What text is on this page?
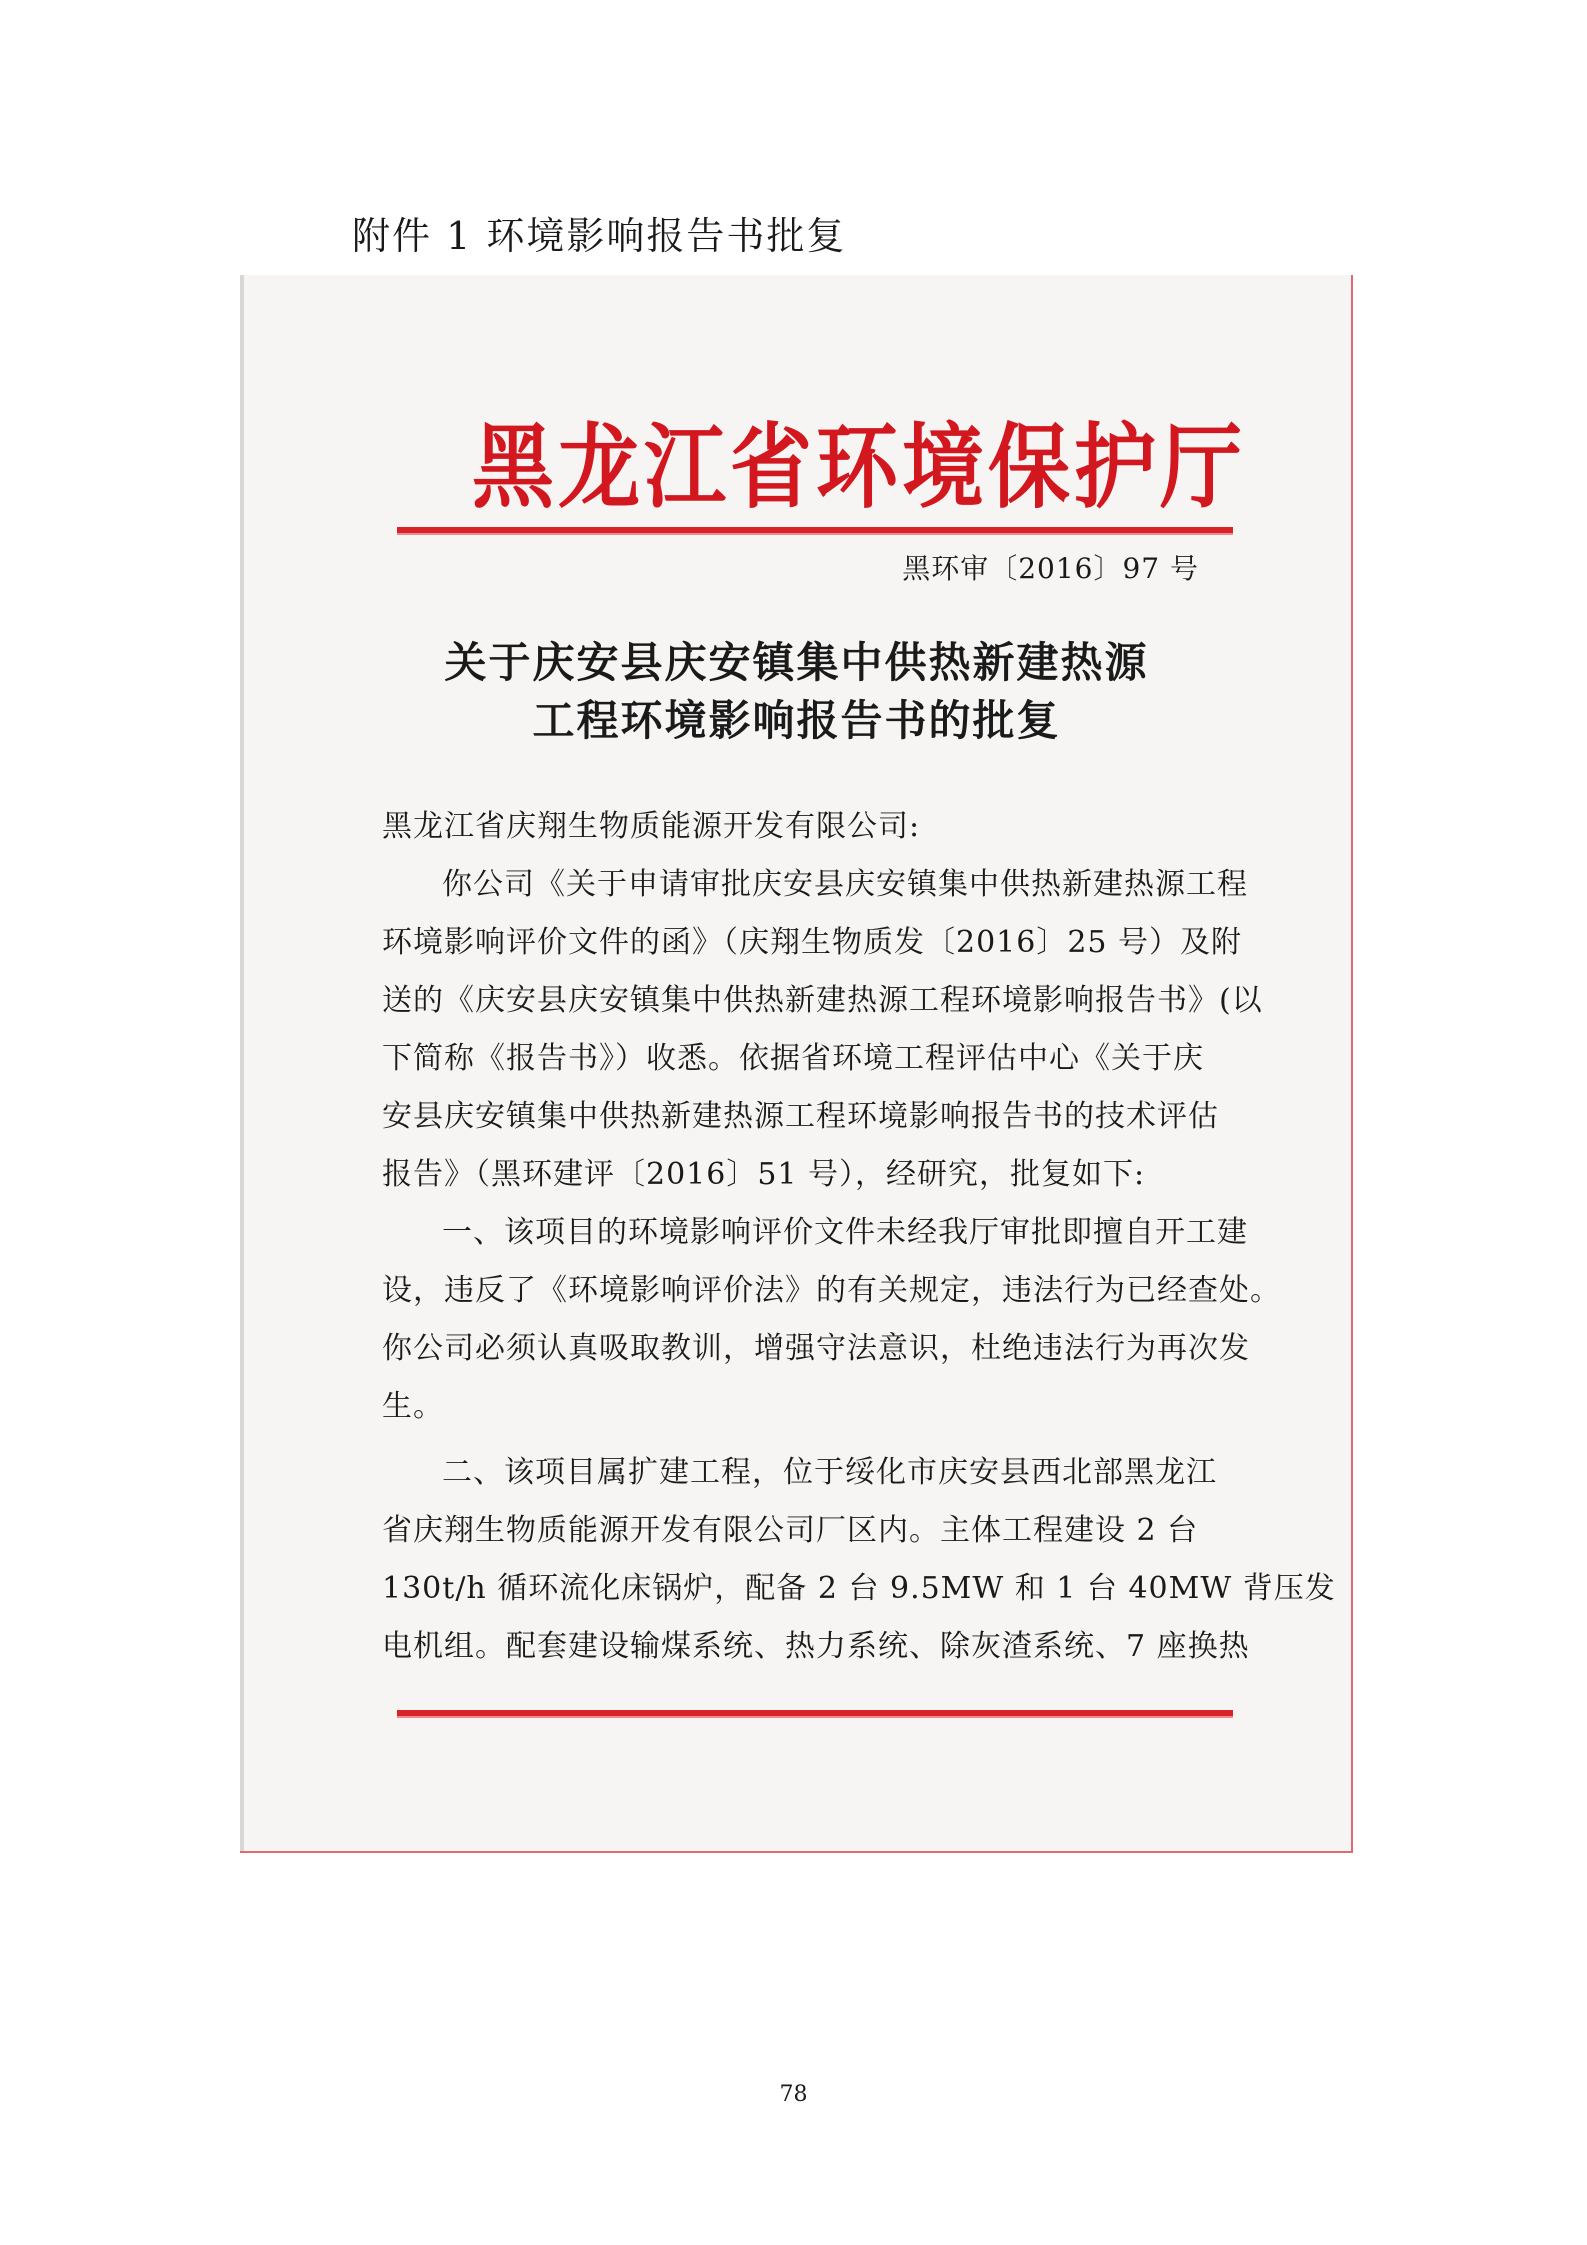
附件 1 环境影响报告书批复
黑龙江省环境保护厅
黑环审〔2016〕97 号
关于庆安县庆安镇集中供热新建热源
工程环境影响报告书的批复
黑龙江省庆翔生物质能源开发有限公司:
你公司《关于申请审批庆安县庆安镇集中供热新建热源工程
环境影响评价文件的函》（庆翔生物质发〔2016〕25 号）及附
送的《庆安县庆安镇集中供热新建热源工程环境影响报告书》(以
下简称《报告书》）收悉。依据省环境工程评估中心《关于庆
安县庆安镇集中供热新建热源工程环境影响报告书的技术评估
报告》（黑环建评〔2016〕51 号），经研究，批复如下:
一、该项目的环境影响评价文件未经我厅审批即擅自开工建
设，违反了《环境影响评价法》的有关规定，违法行为已经查处。
你公司必须认真吸取教训，增强守法意识，杜绝违法行为再次发
生。
二、该项目属扩建工程，位于绥化市庆安县西北部黑龙江
省庆翔生物质能源开发有限公司厂区内。主体工程建设 2 台
130t/h 循环流化床锅炉，配备 2 台 9.5MW 和 1 台 40MW 背压发
电机组。配套建设输煤系统、热力系统、除灰渣系统、7 座换热
78
